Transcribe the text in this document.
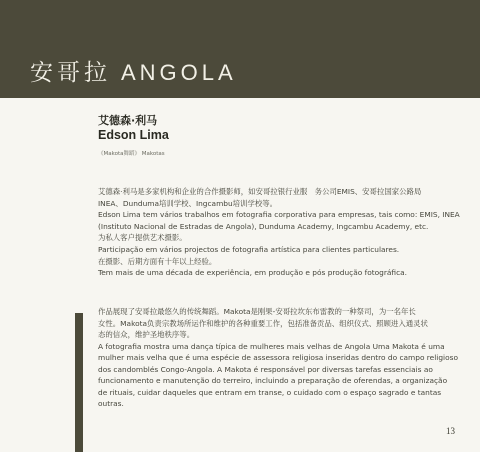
安哥拉 ANGOLA
艾德森·利马
Edson Lima
《Makota舞蹈》 Makotas
艾德森·利马是多家机构和企业的合作摄影师，如安哥拉银行业服　务公司EMIS、安哥拉国家公路局
INEA、Dunduma培训学校、Ingcambu培训学校等。
Edson Lima tem vários trabalhos em fotografia corporativa para empresas, tais como: EMIS, INEA
(Instituto Nacional de Estradas de Angola), Dunduma Academy, Ingcambu Academy, etc.
为私人客户提供艺术摄影。
Participação em vários projectos de fotografia artística para clientes particulares.
在摄影、后期方面有十年以上经验。
Tem mais de uma década de experiência, em produção e pós produção fotográfica.
作品展现了安哥拉最悠久的传统舞蹈。Makota是刚果-安哥拉坎东布雷教的一种祭司，为一名年长
女性。Makota负责宗教场所运作和维护的各种重要工作，包括准备贡品、组织仪式、照顾进入通灵状
态的信众，维护圣地秩序等。
A fotografia mostra uma dança típica de mulheres mais velhas de Angola Uma Makota é uma
mulher mais velha que é uma espécie de assessora religiosa inseridas dentro do campo religioso
dos candomblés Congo-Angola. A Makota é responsável por diversas tarefas essenciais ao
funcionamento e manutenção do terreiro, incluindo a preparação de oferendas, a organização
de rituais, cuidar daqueles que entram em transe, o cuidado com o espaço sagrado e tantas
outras.
13
